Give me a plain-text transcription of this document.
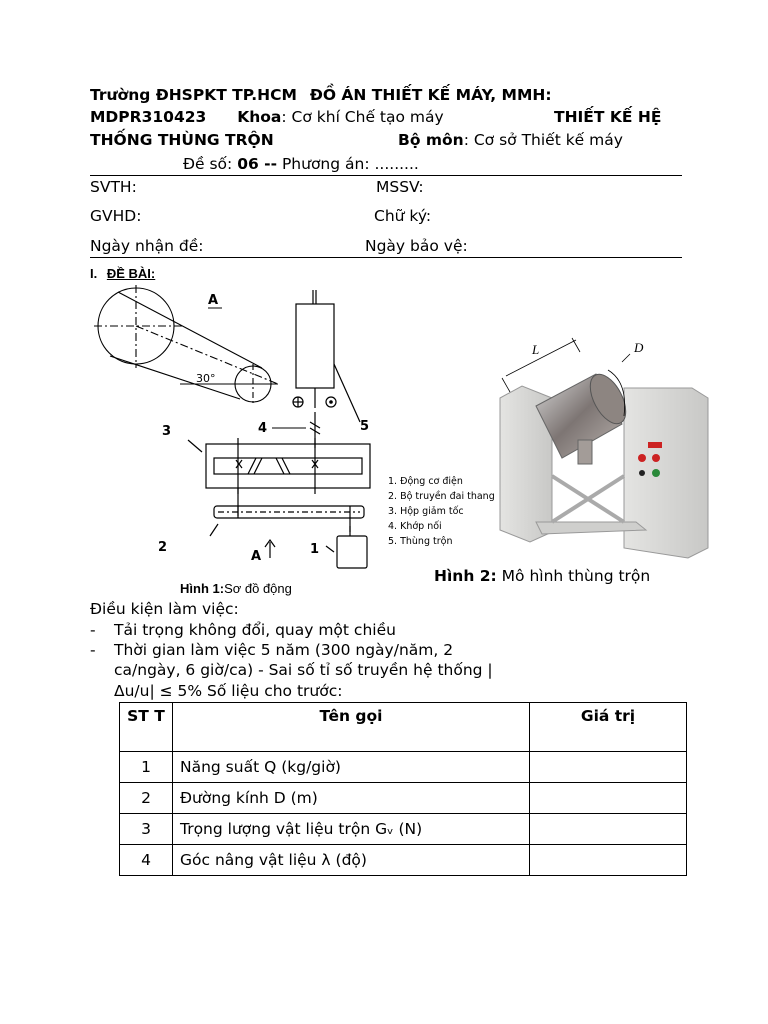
Trường ĐHSPKT TP.HCM ĐỒ ÁN THIẾT KẾ MÁY, MMH:
MDPR310423 Khoa: Cơ khí Chế tạo máy	THIẾT KẾ HỆ
THỐNG THÙNG TRỘN	Bộ môn: Cơ sở Thiết kế máy
Đề số: 06 -- Phương án: .........
SVTH:	MSSV:
GVHD:	Chữ ký:
Ngày nhận đề:	Ngày bảo vệ:
I. ĐỀ BÀI:
30°
A
A	1
2
3	4	5
1. Động cơ điện
2. Bộ truyền đai thang
3. Hộp giảm tốc
4. Khớp nối
5. Thùng trộn
L	D
Hình 1:Sơ đồ động
Hình 2: Mô hình thùng trộn
Điều kiện làm việc:
- Tải trọng không đổi, quay một chiều
- Thời gian làm việc 5 năm (300 ngày/năm, 2
ca/ngày, 6 giờ/ca) - Sai số tỉ số truyền hệ thống |
Δu/u| ≤ 5% Số liệu cho trước:
ST T	Tên gọi	Giá trị
1	Năng suất Q (kg/giờ)	
2	Đường kính D (m)	
3	Trọng lượng vật liệu trộn Gᵥ (N)	
4	Góc nâng vật liệu λ (độ)	
